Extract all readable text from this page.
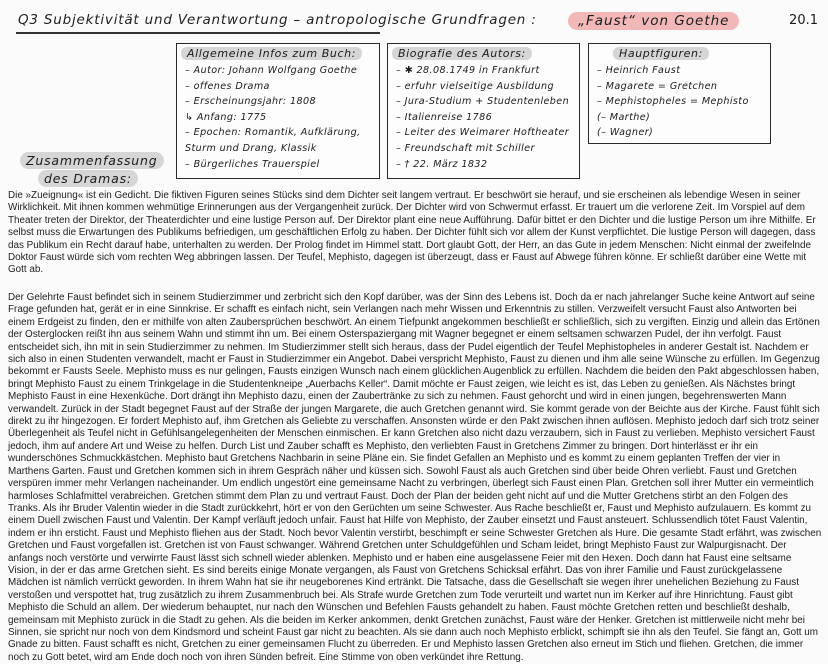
Q3 Subjektivität und Verantwortung – antropologische Grundfragen :	„Faust“ von Goethe	20.1
Allgemeine Infos zum Buch:
– Autor: Johann Wolfgang Goethe
– offenes Drama
– Erscheinungsjahr: 1808
↳ Anfang: 1775
– Epochen: Romantik, Aufklärung,
Sturm und Drang, Klassik
– Bürgerliches Trauerspiel
Biografie des Autors:
– ✱ 28.08.1749 in Frankfurt
– erfuhr vielseitige Ausbildung
– Jura-Studium + Studentenleben
– Italienreise 1786
– Leiter des Weimarer Hoftheater
– Freundschaft mit Schiller
– † 22. März 1832
Hauptfiguren:
– Heinrich Faust
– Magarete = Gretchen
– Mephistopheles = Mephisto
(– Marthe)
(– Wagner)
Zusammenfassung
des Dramas:

Die »Zueignung« ist ein Gedicht. Die fiktiven Figuren seines Stücks sind dem Dichter seit langem vertraut. Er beschwört sie herauf, und sie erscheinen als lebendige Wesen in seiner Wirklichkeit. Mit ihnen kommen wehmütige Erinnerungen aus der Vergangenheit zurück. Der Dichter wird von Schwermut erfasst. Er trauert um die verlorene Zeit. Im Vorspiel auf dem Theater treten der Direktor, der Theaterdichter und eine lustige Person auf. Der Direktor plant eine neue Aufführung. Dafür bittet er den Dichter und die lustige Person um ihre Mithilfe. Er selbst muss die Erwartungen des Publikums befriedigen, um geschäftlichen Erfolg zu haben. Der Dichter fühlt sich vor allem der Kunst verpflichtet. Die lustige Person will dagegen, dass das Publikum ein Recht darauf habe, unterhalten zu werden. Der Prolog findet im Himmel statt. Dort glaubt Gott, der Herr, an das Gute in jedem Menschen: Nicht einmal der zweifelnde Doktor Faust würde sich vom rechten Weg abbringen lassen. Der Teufel, Mephisto, dagegen ist überzeugt, dass er Faust auf Abwege führen könne. Er schließt darüber eine Wette mit Gott ab.

Der Gelehrte Faust befindet sich in seinem Studierzimmer und zerbricht sich den Kopf darüber, was der Sinn des Lebens ist. Doch da er nach jahrelanger Suche keine Antwort auf seine Frage gefunden hat, gerät er in eine Sinnkrise. Er schafft es einfach nicht, sein Verlangen nach mehr Wissen und Erkenntnis zu stillen. Verzweifelt versucht Faust also Antworten bei einem Erdgeist zu finden, den er mithilfe von alten Zaubersprüchen beschwört. An einem Tiefpunkt angekommen beschließt er schließlich, sich zu vergiften. Einzig und allein das Ertönen der Osterglocken reißt ihn aus seinem Wahn und stimmt ihn um. Bei einem Osterspaziergang mit Wagner begegnet er einem seltsamen schwarzen Pudel, der ihn verfolgt. Faust entscheidet sich, ihn mit in sein Studierzimmer zu nehmen. Im Studierzimmer stellt sich heraus, dass der Pudel eigentlich der Teufel Mephistopheles in anderer Gestalt ist. Nachdem er sich also in einen Studenten verwandelt, macht er Faust in Studierzimmer ein Angebot. Dabei verspricht Mephisto, Faust zu dienen und ihm alle seine Wünsche zu erfüllen. Im Gegenzug bekommt er Fausts Seele. Mephisto muss es nur gelingen, Fausts einzigen Wunsch nach einem glücklichen Augenblick zu erfüllen. Nachdem die beiden den Pakt abgeschlossen haben, bringt Mephisto Faust zu einem Trinkgelage in die Studentenkneipe „Auerbachs Keller“. Damit möchte er Faust zeigen, wie leicht es ist, das Leben zu genießen. Als Nächstes bringt Mephisto Faust in eine Hexenküche. Dort drängt ihn Mephisto dazu, einen der Zaubertränke zu sich zu nehmen. Faust gehorcht und wird in einen jungen, begehrenswerten Mann verwandelt. Zurück in der Stadt begegnet Faust auf der Straße der jungen Margarete, die auch Gretchen genannt wird. Sie kommt gerade von der Beichte aus der Kirche. Faust fühlt sich direkt zu ihr hingezogen. Er fordert Mephisto auf, ihm Gretchen als Geliebte zu verschaffen. Ansonsten würde er den Pakt zwischen ihnen auflösen. Mephisto jedoch darf sich trotz seiner Überlegenheit als Teufel nicht in Gefühlsangelegenheiten der Menschen einmischen. Er kann Gretchen also nicht dazu verzaubern, sich in Faust zu verlieben. Mephisto versichert Faust jedoch, ihm auf andere Art und Weise zu helfen. Durch List und Zauber schafft es Mephisto, den verliebten Faust in Gretchens Zimmer zu bringen. Dort hinterlässt er ihr ein wunderschönes Schmuckkästchen. Mephisto baut Gretchens Nachbarin in seine Pläne ein. Sie findet Gefallen an Mephisto und es kommt zu einem geplanten Treffen der vier in Marthens Garten. Faust und Gretchen kommen sich in ihrem Gespräch näher und küssen sich. Sowohl Faust als auch Gretchen sind über beide Ohren verliebt. Faust und Gretchen verspüren immer mehr Verlangen nacheinander. Um endlich ungestört eine gemeinsame Nacht zu verbringen, überlegt sich Faust einen Plan. Gretchen soll ihrer Mutter ein vermeintlich harmloses Schlafmittel verabreichen. Gretchen stimmt dem Plan zu und vertraut Faust. Doch der Plan der beiden geht nicht auf und die Mutter Gretchens stirbt an den Folgen des Tranks. Als ihr Bruder Valentin wieder in die Stadt zurückkehrt, hört er von den Gerüchten um seine Schwester. Aus Rache beschließt er, Faust und Mephisto aufzulauern. Es kommt zu einem Duell zwischen Faust und Valentin. Der Kampf verläuft jedoch unfair. Faust hat Hilfe von Mephisto, der Zauber einsetzt und Faust ansteuert. Schlussendlich tötet Faust Valentin, indem er ihn ersticht. Faust und Mephisto fliehen aus der Stadt. Noch bevor Valentin verstirbt, beschimpft er seine Schwester Gretchen als Hure. Die gesamte Stadt erfährt, was zwischen Gretchen und Faust vorgefallen ist. Gretchen ist von Faust schwanger. Während Gretchen unter Schuldgefühlen und Scham leidet, bringt Mephisto Faust zur Walpurgisnacht. Der anfangs noch verstörte und verwirrte Faust lässt sich schnell wieder ablenken. Mephisto und er haben eine ausgelassene Feier mit den Hexen. Doch dann hat Faust eine seltsame Vision, in der er das arme Gretchen sieht. Es sind bereits einige Monate vergangen, als Faust von Gretchens Schicksal erfährt. Das von ihrer Familie und Faust zurückgelassene Mädchen ist nämlich verrückt geworden. In ihrem Wahn hat sie ihr neugeborenes Kind ertränkt. Die Tatsache, dass die Gesellschaft sie wegen ihrer unehelichen Beziehung zu Faust verstoßen und verspottet hat, trug zusätzlich zu ihrem Zusammenbruch bei. Als Strafe wurde Gretchen zum Tode verurteilt und wartet nun im Kerker auf ihre Hinrichtung. Faust gibt Mephisto die Schuld an allem. Der wiederum behauptet, nur nach den Wünschen und Befehlen Fausts gehandelt zu haben. Faust möchte Gretchen retten und beschließt deshalb, gemeinsam mit Mephisto zurück in die Stadt zu gehen. Als die beiden im Kerker ankommen, denkt Gretchen zunächst, Faust wäre der Henker. Gretchen ist mittlerweile nicht mehr bei Sinnen, sie spricht nur noch von dem Kindsmord und scheint Faust gar nicht zu beachten. Als sie dann auch noch Mephisto erblickt, schimpft sie ihn als den Teufel. Sie fängt an, Gott um Gnade zu bitten. Faust schafft es nicht, Gretchen zu einer gemeinsamen Flucht zu überreden. Er und Mephisto lassen Gretchen also erneut im Stich und fliehen. Gretchen, die immer noch zu Gott betet, wird am Ende doch noch von ihren Sünden befreit. Eine Stimme von oben verkündet ihre Rettung.
